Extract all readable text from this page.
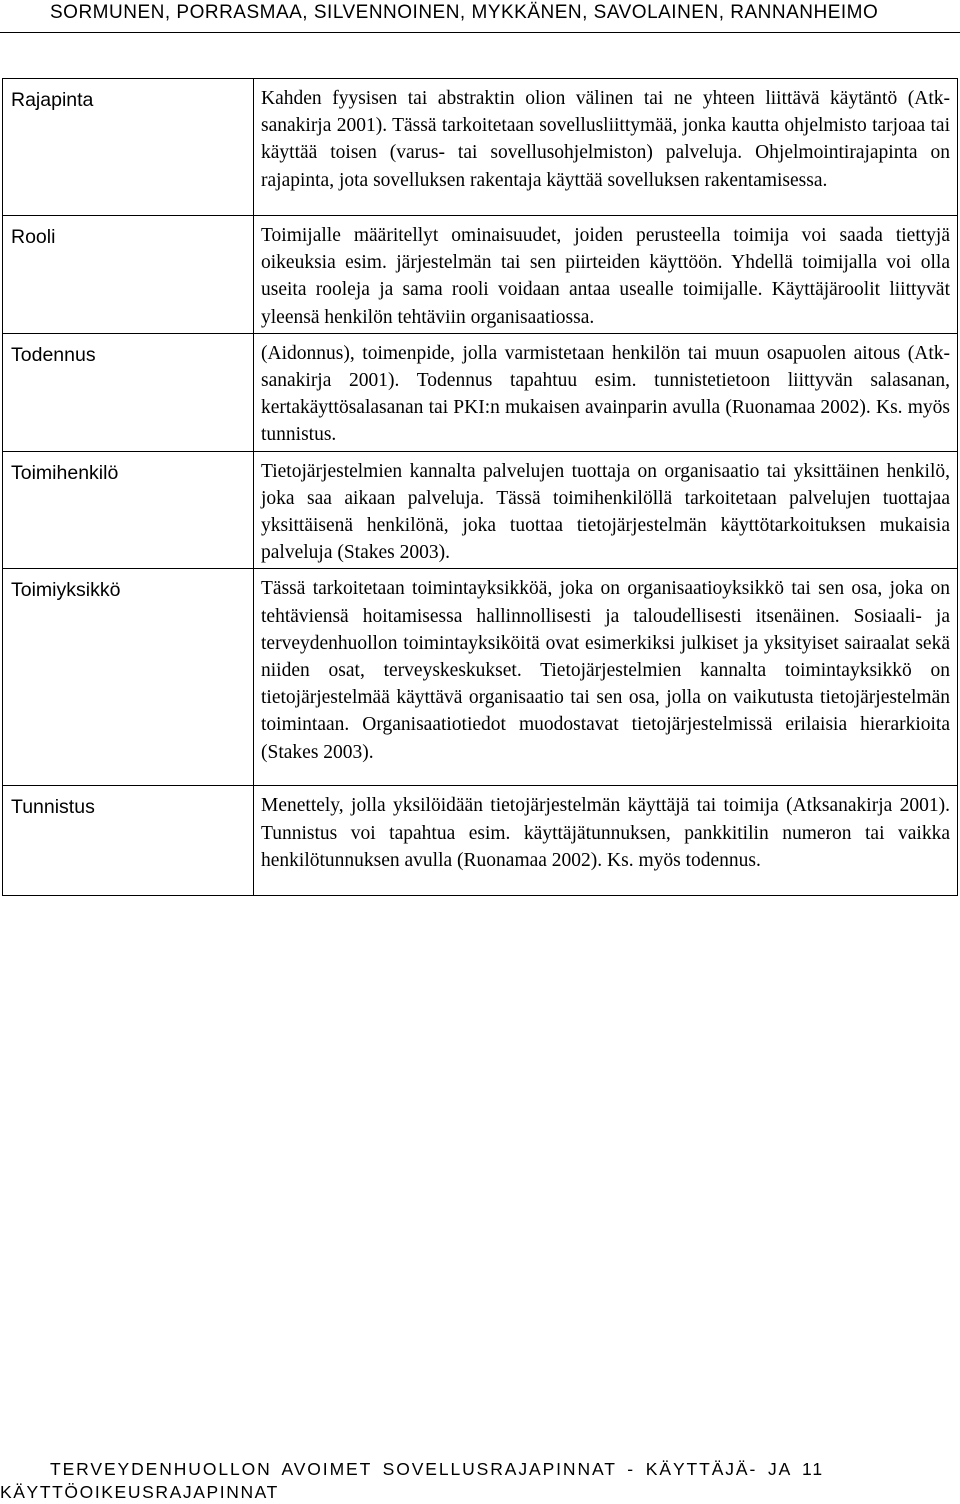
SORMUNEN, PORRASMAA, SILVENNOINEN, MYKKÄNEN, SAVOLAINEN, RANNANHEIMO
Rajapinta	Kahden fyysisen tai abstraktin olion välinen tai ne yhteen liittävä käytäntö (Atk-sanakirja 2001). Tässä tarkoitetaan sovellusliittymää, jonka kautta ohjelmisto tarjoaa tai käyttää toisen (varus- tai sovellusohjelmiston) palveluja. Ohjelmointirajapinta on rajapinta, jota sovelluksen rakentaja käyttää sovelluksen rakentamisessa.
Rooli	Toimijalle määritellyt ominaisuudet, joiden perusteella toimija voi saada tiettyjä oikeuksia esim. järjestelmän tai sen piirteiden käyttöön. Yhdellä toimijalla voi olla useita rooleja ja sama rooli voidaan antaa usealle toimijalle. Käyttäjäroolit liittyvät yleensä henkilön tehtäviin organisaatiossa.
Todennus	(Aidonnus), toimenpide, jolla varmistetaan henkilön tai muun osapuolen aitous (Atk-sanakirja 2001). Todennus tapahtuu esim. tunnistetietoon liittyvän salasanan, kertakäyttösalasanan tai PKI:n mukaisen avainparin avulla (Ruonamaa 2002). Ks. myös tunnistus.
Toimihenkilö	Tietojärjestelmien kannalta palvelujen tuottaja on organisaatio tai yksittäinen henkilö, joka saa aikaan palveluja. Tässä toimihenkilöllä tarkoitetaan palvelujen tuottajaa yksittäisenä henkilönä, joka tuottaa tietojärjestelmän käyttötarkoituksen mukaisia palveluja (Stakes 2003).
Toimiyksikkö	Tässä tarkoitetaan toimintayksikköä, joka on organisaatioyksikkö tai sen osa, joka on tehtäviensä hoitamisessa hallinnollisesti ja taloudellisesti itsenäinen. Sosiaali- ja terveydenhuollon toimintayksiköitä ovat esimerkiksi julkiset ja yksityiset sairaalat sekä niiden osat, terveyskeskukset. Tietojärjestelmien kannalta toimintayksikkö on tietojärjestelmää käyttävä organisaatio tai sen osa, jolla on vaikutusta tietojärjestelmän toimintaan. Organisaatiotiedot muodostavat tietojärjestelmissä erilaisia hierarkioita (Stakes 2003).
Tunnistus	Menettely, jolla yksilöidään tietojärjestelmän käyttäjä tai toimija (Atksanakirja 2001). Tunnistus voi tapahtua esim. käyttäjätunnuksen, pankkitilin numeron tai vaikka henkilötunnuksen avulla (Ruonamaa 2002). Ks. myös todennus.
TERVEYDENHUOLLON AVOIMET SOVELLUSRAJAPINNAT - KÄYTTÄJÄ- JA 11
KÄYTTÖOIKEUSRAJAPINNAT
